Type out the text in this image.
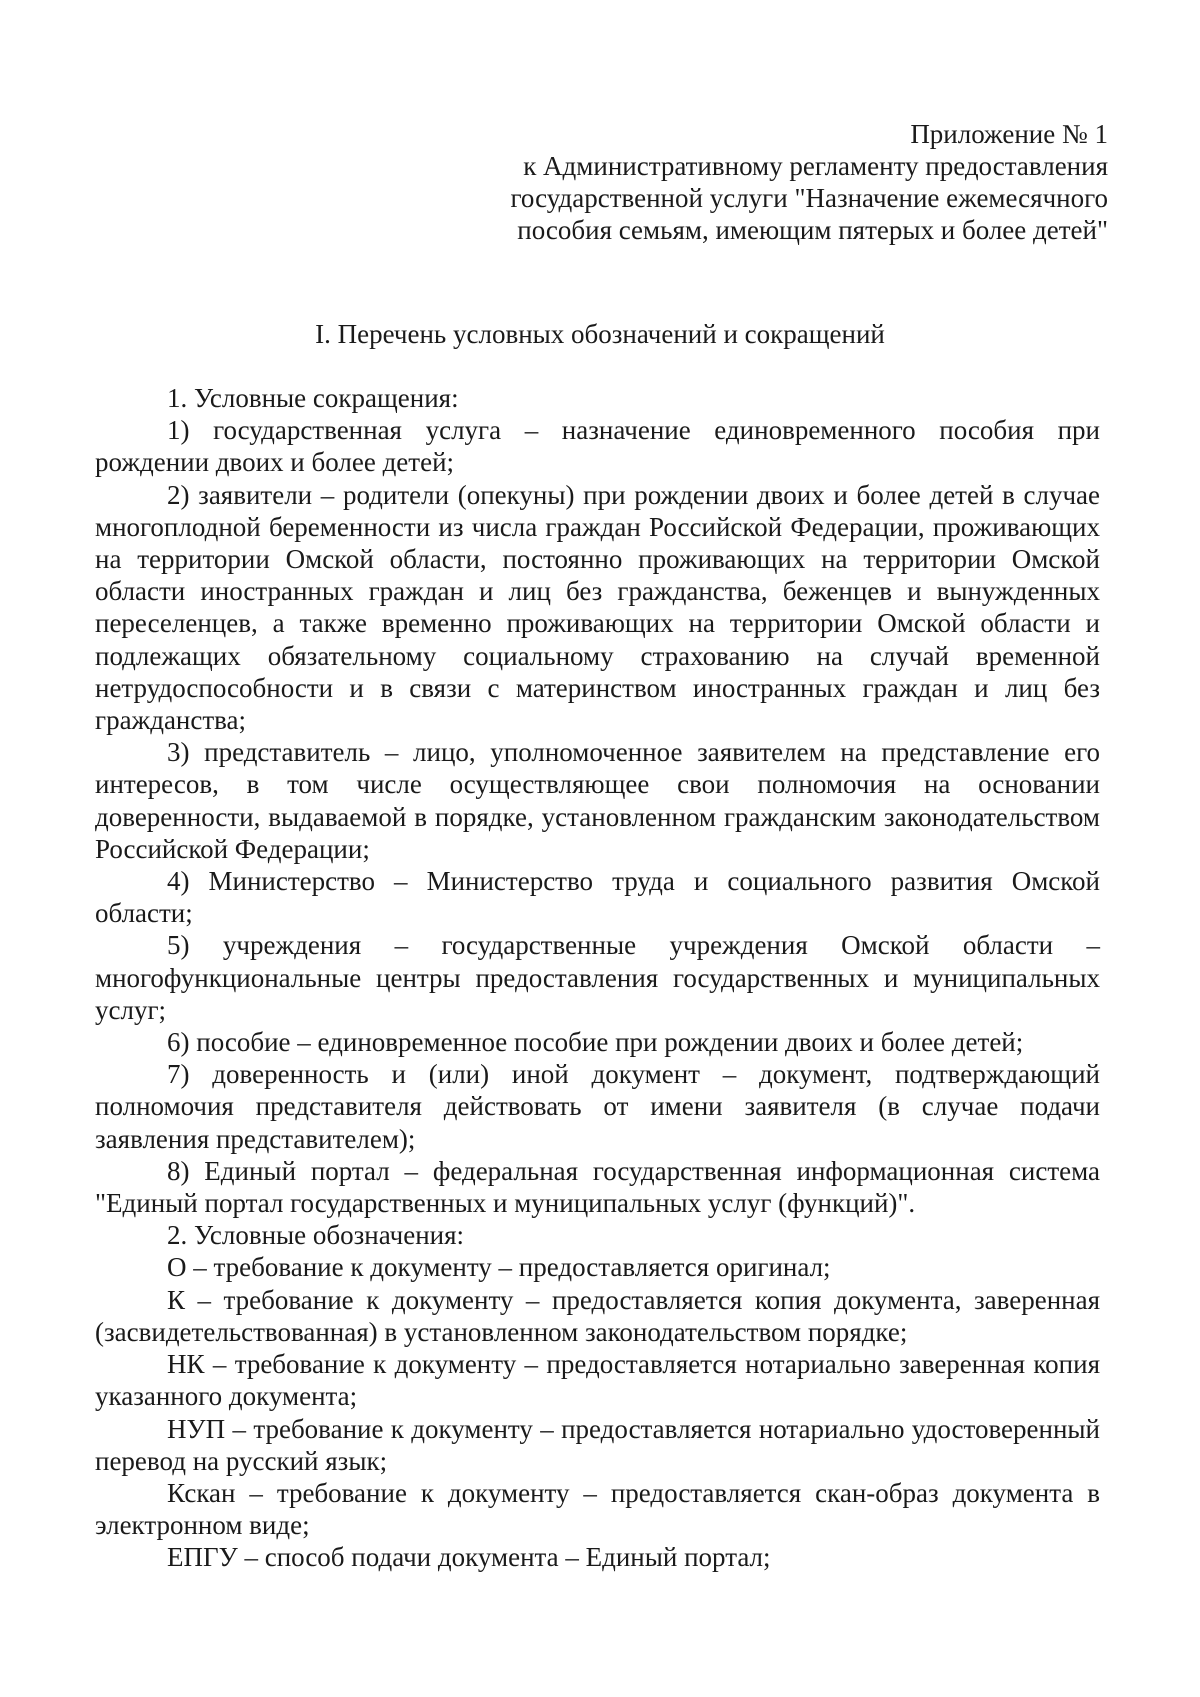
Приложение № 1
к Административному регламенту предоставления
государственной услуги "Назначение ежемесячного
пособия семьям, имеющим пятерых и более детей"
I. Перечень условных обозначений и сокращений

1. Условные сокращения:

1) государственная услуга – назначение единовременного пособия при рождении двоих и более детей;

2) заявители – родители (опекуны) при рождении двоих и более детей в случае многоплодной беременности из числа граждан Российской Федерации, проживающих на территории Омской области, постоянно проживающих на территории Омской области иностранных граждан и лиц без гражданства, беженцев и вынужденных переселенцев, а также временно проживающих на территории Омской области и подлежащих обязательному социальному страхованию на случай временной нетрудоспособности и в связи с материнством иностранных граждан и лиц без гражданства;

3) представитель – лицо, уполномоченное заявителем на представление его интересов, в том числе осуществляющее свои полномочия на основании доверенности, выдаваемой в порядке, установленном гражданским законодательством Российской Федерации;

4) Министерство – Министерство труда и социального развития Омской области;

5) учреждения – государственные учреждения Омской области – многофункциональные центры предоставления государственных и муниципальных услуг;

6) пособие – единовременное пособие при рождении двоих и более детей;

7) доверенность и (или) иной документ – документ, подтверждающий полномочия представителя действовать от имени заявителя (в случае подачи заявления представителем);

8) Единый портал – федеральная государственная информационная система "Единый портал государственных и муниципальных услуг (функций)".

2. Условные обозначения:

О – требование к документу – предоставляется оригинал;

К – требование к документу – предоставляется копия документа, заверенная (засвидетельствованная) в установленном законодательством порядке;

НК – требование к документу – предоставляется нотариально заверенная копия указанного документа;

НУП – требование к документу – предоставляется нотариально удостоверенный перевод на русский язык;

Кскан – требование к документу – предоставляется скан-образ документа в электронном виде;

ЕПГУ – способ подачи документа – Единый портал;
